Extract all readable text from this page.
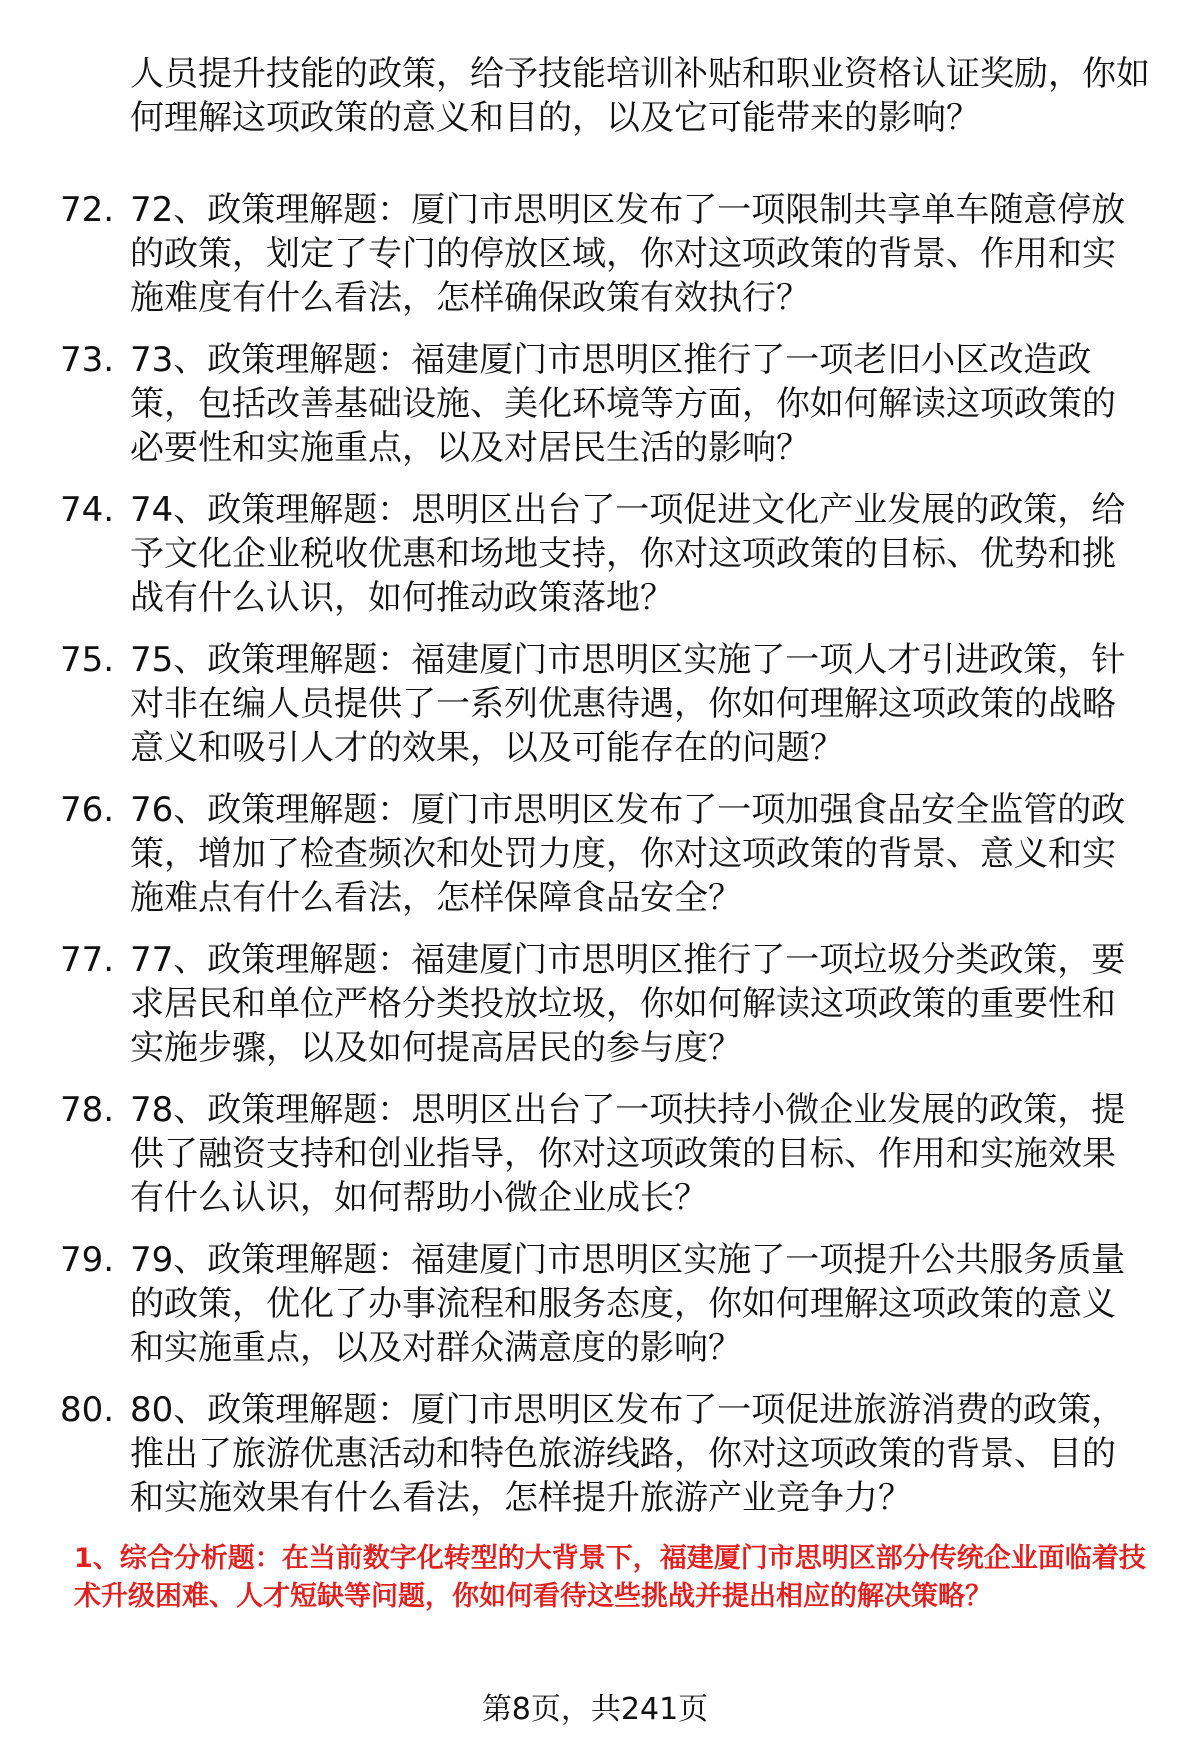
人员提升技能的政策，给予技能培训补贴和职业资格认证奖励，你如何理解这项政策的意义和目的，以及它可能带来的影响？
72. 72、政策理解题：厦门市思明区发布了一项限制共享单车随意停放的政策，划定了专门的停放区域，你对这项政策的背景、作用和实施难度有什么看法，怎样确保政策有效执行？
73. 73、政策理解题：福建厦门市思明区推行了一项老旧小区改造政策，包括改善基础设施、美化环境等方面，你如何解读这项政策的必要性和实施重点，以及对居民生活的影响？
74. 74、政策理解题：思明区出台了一项促进文化产业发展的政策，给予文化企业税收优惠和场地支持，你对这项政策的目标、优势和挑战有什么认识，如何推动政策落地？
75. 75、政策理解题：福建厦门市思明区实施了一项人才引进政策，针对非在编人员提供了一系列优惠待遇，你如何理解这项政策的战略意义和吸引人才的效果，以及可能存在的问题？
76. 76、政策理解题：厦门市思明区发布了一项加强食品安全监管的政策，增加了检查频次和处罚力度，你对这项政策的背景、意义和实施难点有什么看法，怎样保障食品安全？
77. 77、政策理解题：福建厦门市思明区推行了一项垃圾分类政策，要求居民和单位严格分类投放垃圾，你如何解读这项政策的重要性和实施步骤，以及如何提高居民的参与度？
78. 78、政策理解题：思明区出台了一项扶持小微企业发展的政策，提供了融资支持和创业指导，你对这项政策的目标、作用和实施效果有什么认识，如何帮助小微企业成长？
79. 79、政策理解题：福建厦门市思明区实施了一项提升公共服务质量的政策，优化了办事流程和服务态度，你如何理解这项政策的意义和实施重点，以及对群众满意度的影响？
80. 80、政策理解题：厦门市思明区发布了一项促进旅游消费的政策，推出了旅游优惠活动和特色旅游线路，你对这项政策的背景、目的和实施效果有什么看法，怎样提升旅游产业竞争力？
1、综合分析题：在当前数字化转型的大背景下，福建厦门市思明区部分传统企业面临着技术升级困难、人才短缺等问题，你如何看待这些挑战并提出相应的解决策略？
第8页，共241页
